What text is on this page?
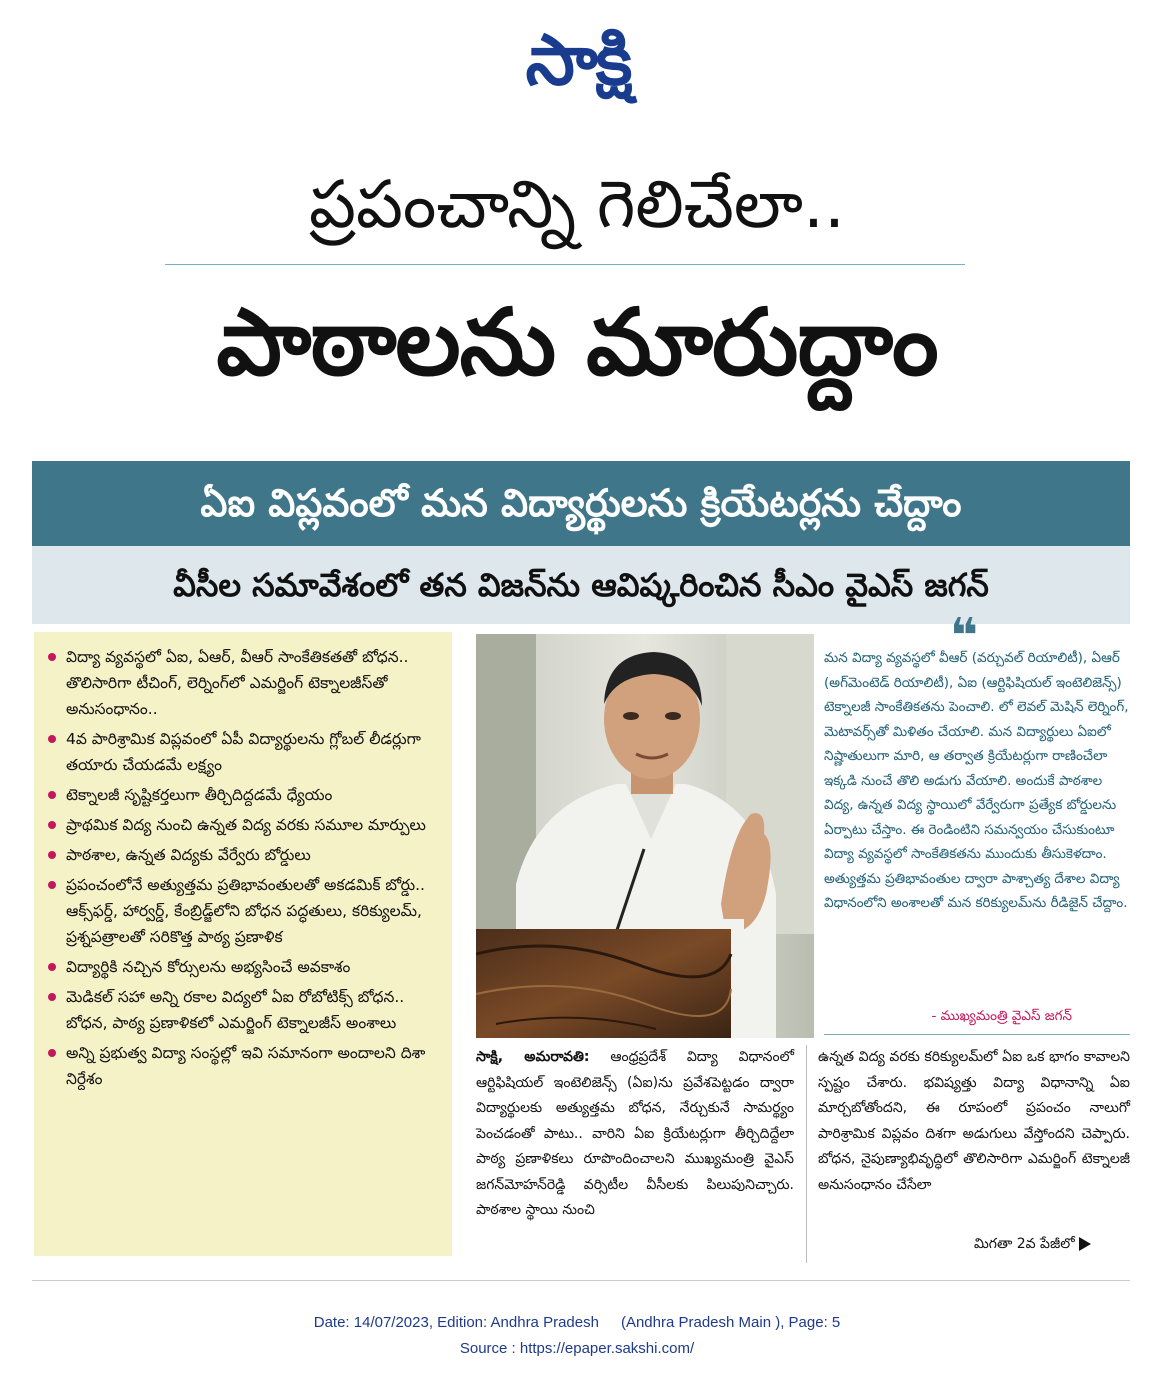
సాక్షి
ప్రపంచాన్ని గెలిచేలా..
పాఠాలను మారుద్దాం
ఏఐ విప్లవంలో మన విద్యార్థులను క్రియేటర్లను చేద్దాం
వీసీల సమావేశంలో తన విజన్‌ను ఆవిష్కరించిన సీఎం వైఎస్‌ జగన్‌
విద్యా వ్యవస్థలో ఏఐ, ఏఆర్, వీఆర్ సాంకేతికతతో బోధన.. తొలిసారిగా టీచింగ్, లెర్నింగ్‌లో ఎమర్జింగ్ టెక్నాలజీస్‌తో అనుసంధానం..
4వ పారిశ్రామిక విప్లవంలో ఏపీ విద్యార్థులను గ్లోబల్ లీడర్లుగా తయారు చేయడమే లక్ష్యం
టెక్నాలజీ సృష్టికర్తలుగా తీర్చిదిద్దడమే ధ్యేయం
ప్రాథమిక విద్య నుంచి ఉన్నత విద్య వరకు సమూల మార్పులు
పాఠశాల, ఉన్నత విద్యకు వేర్వేరు బోర్డులు
ప్రపంచంలోనే అత్యుత్తమ ప్రతిభావంతులతో అకడమిక్ బోర్డు.. ఆక్స్‌ఫర్డ్, హార్వర్డ్, కేంబ్రిడ్జ్‌లోని బోధన పద్ధతులు, కరిక్యులమ్, ప్రశ్నపత్రాలతో సరికొత్త పాఠ్య ప్రణాళిక
విద్యార్థికి నచ్చిన కోర్సులను అభ్యసించే అవకాశం
మెడికల్ సహా అన్ని రకాల విద్యలో ఏఐ రోబోటిక్స్ బోధన.. బోధన, పాఠ్య ప్రణాళికలో ఎమర్జింగ్ టెక్నాలజీస్ అంశాలు
అన్ని ప్రభుత్వ విద్యా సంస్థల్లో ఇవి సమానంగా అందాలని దిశా నిర్దేశం
❝
మన విద్యా వ్యవస్థలో వీఆర్ (వర్చువల్ రియాలిటీ), ఏఆర్ (అగ్‌మెంటెడ్ రియాలిటీ), ఏఐ (ఆర్టిఫిషియల్ ఇంటెలిజెన్స్) టెక్నాలజీ సాంకేతికతను పెంచాలి. లో లెవల్ మెషిన్ లెర్నింగ్, మెటావర్స్‌తో మిళితం చేయాలి. మన విద్యార్థులు ఏఐలో నిష్ణాతులుగా మారి, ఆ తర్వాత క్రియేటర్లుగా రాణించేలా ఇక్కడి నుంచే తొలి అడుగు వేయాలి. అందుకే పాఠశాల విద్య, ఉన్నత విద్య స్థాయిలో వేర్వేరుగా ప్రత్యేక బోర్డులను ఏర్పాటు చేస్తాం. ఈ రెండింటిని సమన్వయం చేసుకుంటూ విద్యా వ్యవస్థలో సాంకేతికతను ముందుకు తీసుకెళదాం. అత్యుత్తమ ప్రతిభావంతుల ద్వారా పాశ్చాత్య దేశాల విద్యా విధానంలోని అంశాలతో మన కరిక్యులమ్‌ను రీడిజైన్ చేద్దాం.
- ముఖ్యమంత్రి వైఎస్ జగన్
సాక్షి, అమరావతి: ఆంధ్రప్రదేశ్ విద్యా విధానంలో ఆర్టిఫిషియల్ ఇంటెలిజెన్స్ (ఏఐ)ను ప్రవేశపెట్టడం ద్వారా విద్యార్థులకు అత్యుత్తమ బోధన, నేర్చుకునే సామర్థ్యం పెంచడంతో పాటు.. వారిని ఏఐ క్రియేటర్లుగా తీర్చిదిద్దేలా పాఠ్య ప్రణాళికలు రూపొందించాలని ముఖ్యమంత్రి వైఎస్ జగన్‌మోహన్‌రెడ్డి వర్సిటీల వీసీలకు పిలుపునిచ్చారు. పాఠశాల స్థాయి నుంచి
ఉన్నత విద్య వరకు కరిక్యులమ్‌లో ఏఐ ఒక భాగం కావాలని స్పష్టం చేశారు. భవిష్యత్తు విద్యా విధానాన్ని ఏఐ మార్చబోతోందని, ఈ రూపంలో ప్రపంచం నాలుగో పారిశ్రామిక విప్లవం దిశగా అడుగులు వేస్తోందని చెప్పారు. బోధన, నైపుణ్యాభివృద్ధిలో తొలిసారిగా ఎమర్జింగ్ టెక్నాలజీ అనుసంధానం చేసేలా
మిగతా 2వ పేజీలో
Date: 14/07/2023, Edition: Andhra Pradesh (Andhra Pradesh Main ), Page: 5
Source : https://epaper.sakshi.com/
